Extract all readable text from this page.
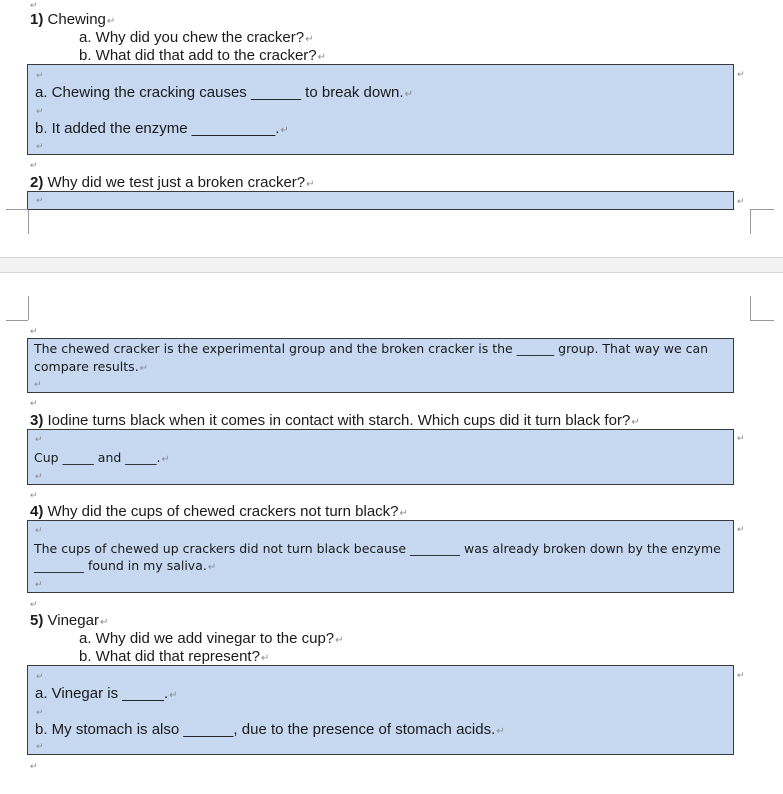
↵
1) Chewing↵
a. Why did you chew the cracker?↵
b. What did that add to the cracker?↵
↵
a. Chewing the cracking causes ______ to break down.↵
↵
b. It added the enzyme __________.↵
↵
↵
↵
2) Why did we test just a broken cracker?↵
↵	↵
↵
The chewed cracker is the experimental group and the broken cracker is the ______ group. That way we can
compare results.↵
↵
↵
3) Iodine turns black when it comes in contact with starch. Which cups did it turn black for?↵
↵
Cup _____ and _____.↵
↵
↵
↵
4) Why did the cups of chewed crackers not turn black?↵
↵
The cups of chewed up crackers did not turn black because ________ was already broken down by the enzyme
________ found in my saliva.↵
↵
↵
↵
5) Vinegar↵
a. Why did we add vinegar to the cup?↵
b. What did that represent?↵
↵
a. Vinegar is _____.↵
↵
b. My stomach is also ______, due to the presence of stomach acids.↵
↵
↵
↵
